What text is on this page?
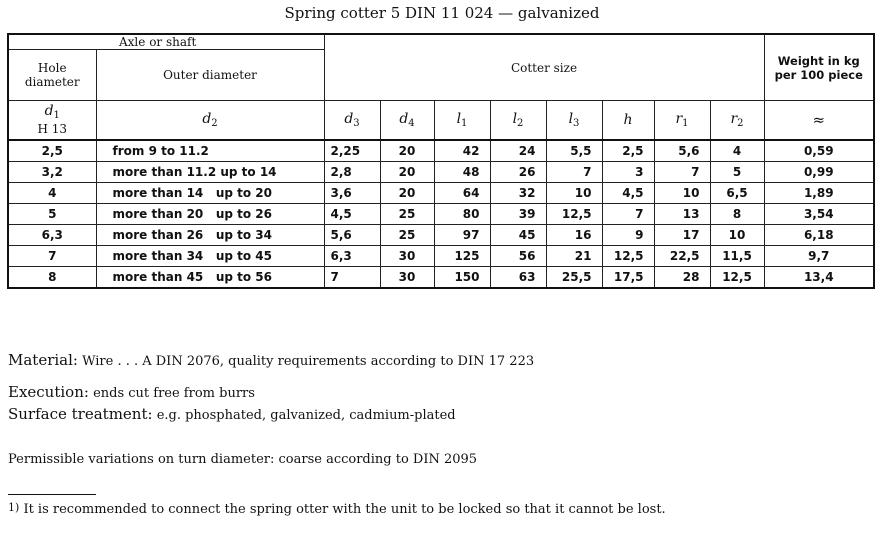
Spring cotter 5 DIN 11 024 — galvanized
Axle or shaft		Cotter size								Weight in kg per 100 piece
Hole diameter	Outer diameter									
$d_1$
H 13	$d_2$	$d_3$	$d_4$	$l_1$	$l_2$	$l_3$	h	$r_1$	$r_2$	≈
2,5	from 9 to 11.2	2,25	20	42	24	5,5	2,5	5,6	4	0,59
3,2	more than 11.2 up to 14	2,8	20	48	26	7	3	7	5	0,99
4	more than 14   up to 20	3,6	20	64	32	10	4,5	10	6,5	1,89
5	more than 20   up to 26	4,5	25	80	39	12,5	7	13	8	3,54
6,3	more than 26   up to 34	5,6	25	97	45	16	9	17	10	6,18
7	more than 34   up to 45	6,3	30	125	56	21	12,5	22,5	11,5	9,7
8	more than 45   up to 56	7	30	150	63	25,5	17,5	28	12,5	13,4
Material: Wire . . . A DIN 2076, quality requirements according to DIN 17 223
Execution: ends cut free from burrs
Surface treatment: e.g. phosphated, galvanized, cadmium-plated
Permissible variations on turn diameter: coarse according to DIN 2095
1) It is recommended to connect the spring otter with the unit to be locked so that it cannot be lost.
